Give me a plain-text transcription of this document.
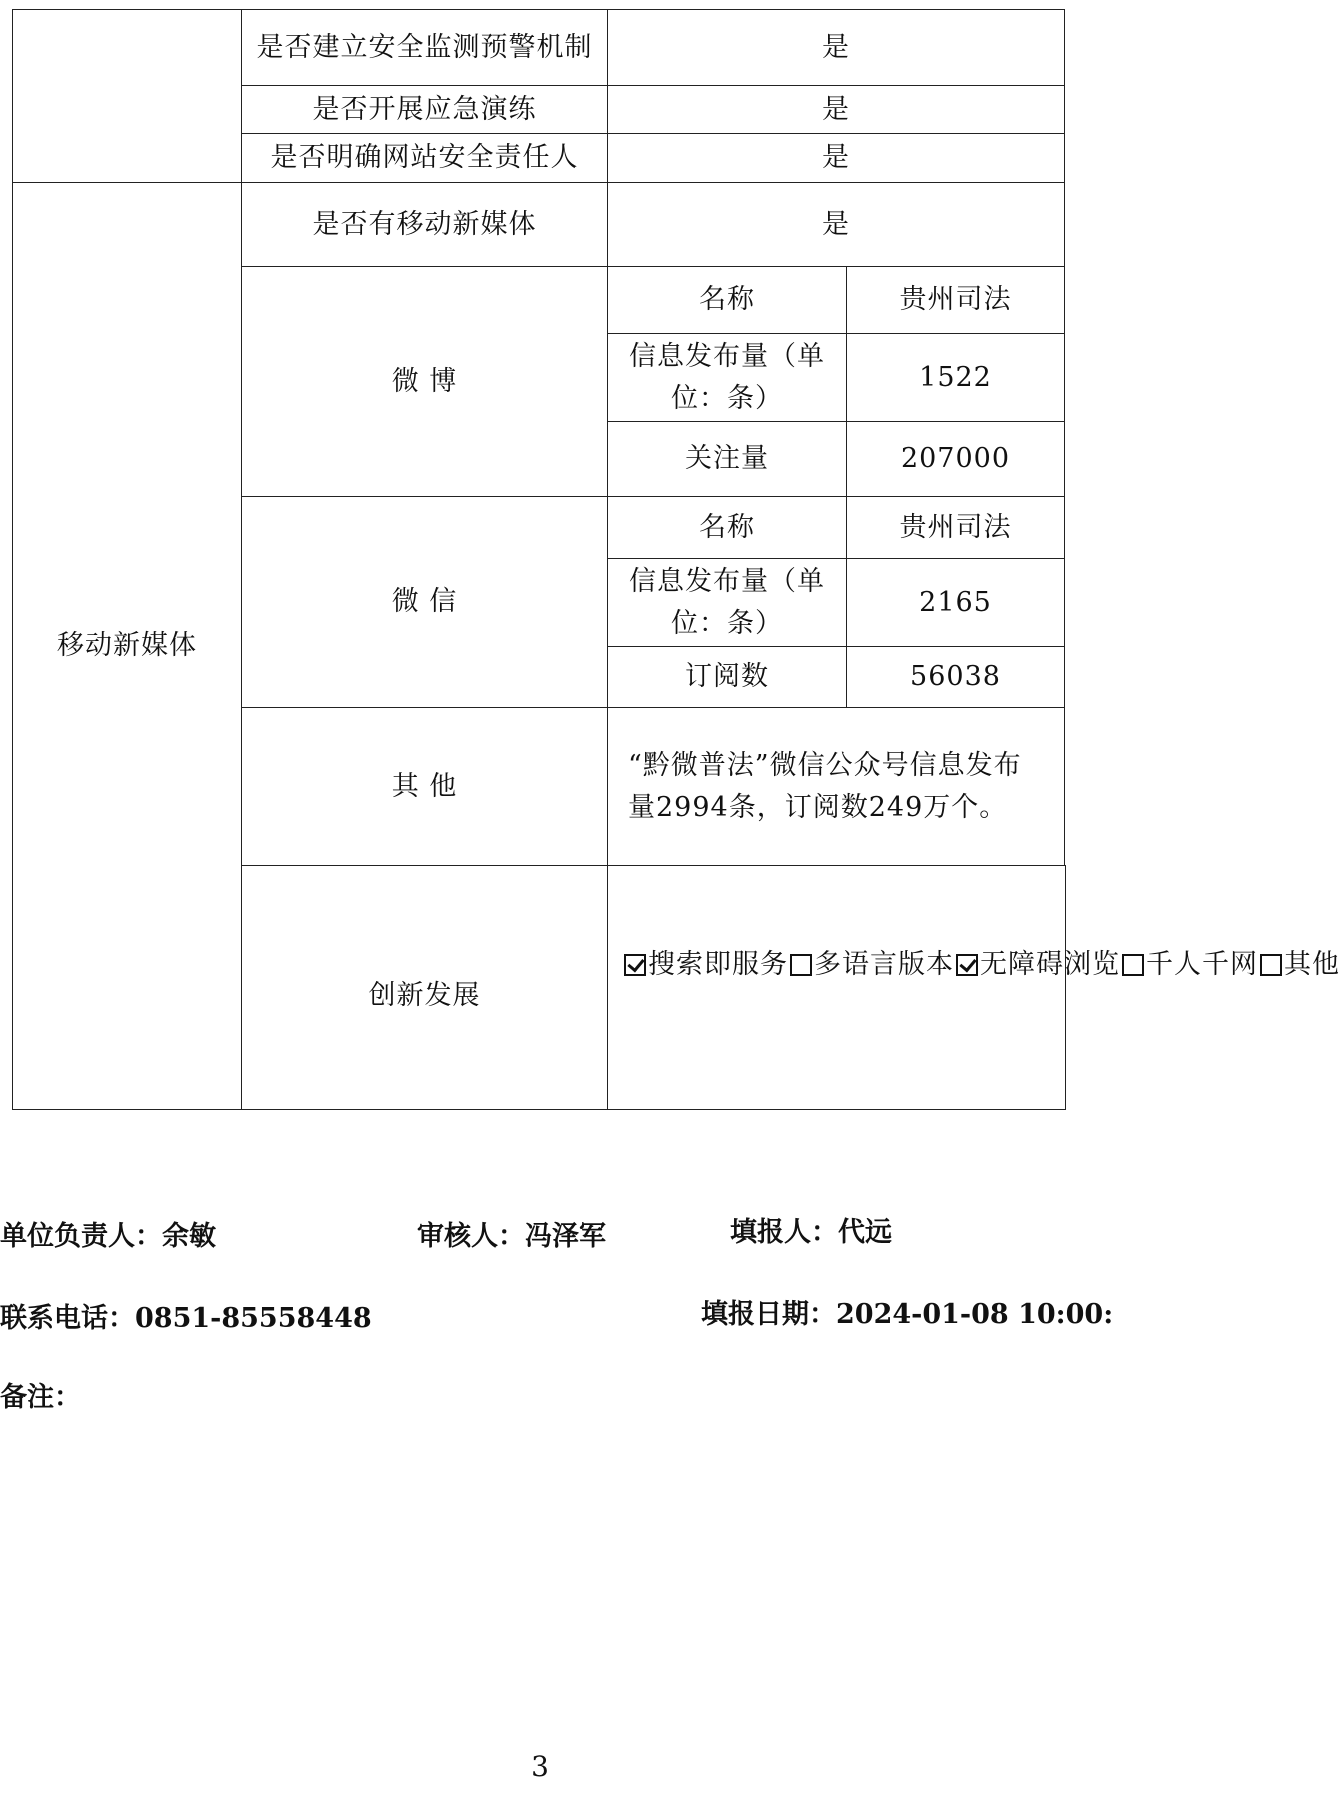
	是否建立安全监测预警机制	是	
	是否开展应急演练	是	
	是否明确网站安全责任人	是	
移动新媒体	是否有移动新媒体	是	
	微 博	名称	贵州司法
		信息发布量（单位：条）	1522
		关注量	207000
	微 信	名称	贵州司法
		信息发布量（单位：条）	2165
		订阅数	56038
	其 他	“黔微普法”微信公众号信息发布量2994条，订阅数249万个。	
	创新发展	搜索即服务 多语言版本 无障碍浏览 千人千网 其他	
单位负责人：余敏	审核人：冯泽军	填报人：代远
联系电话：0851-85558448	填报日期：2024-01-08 10:00:
备注：
3
